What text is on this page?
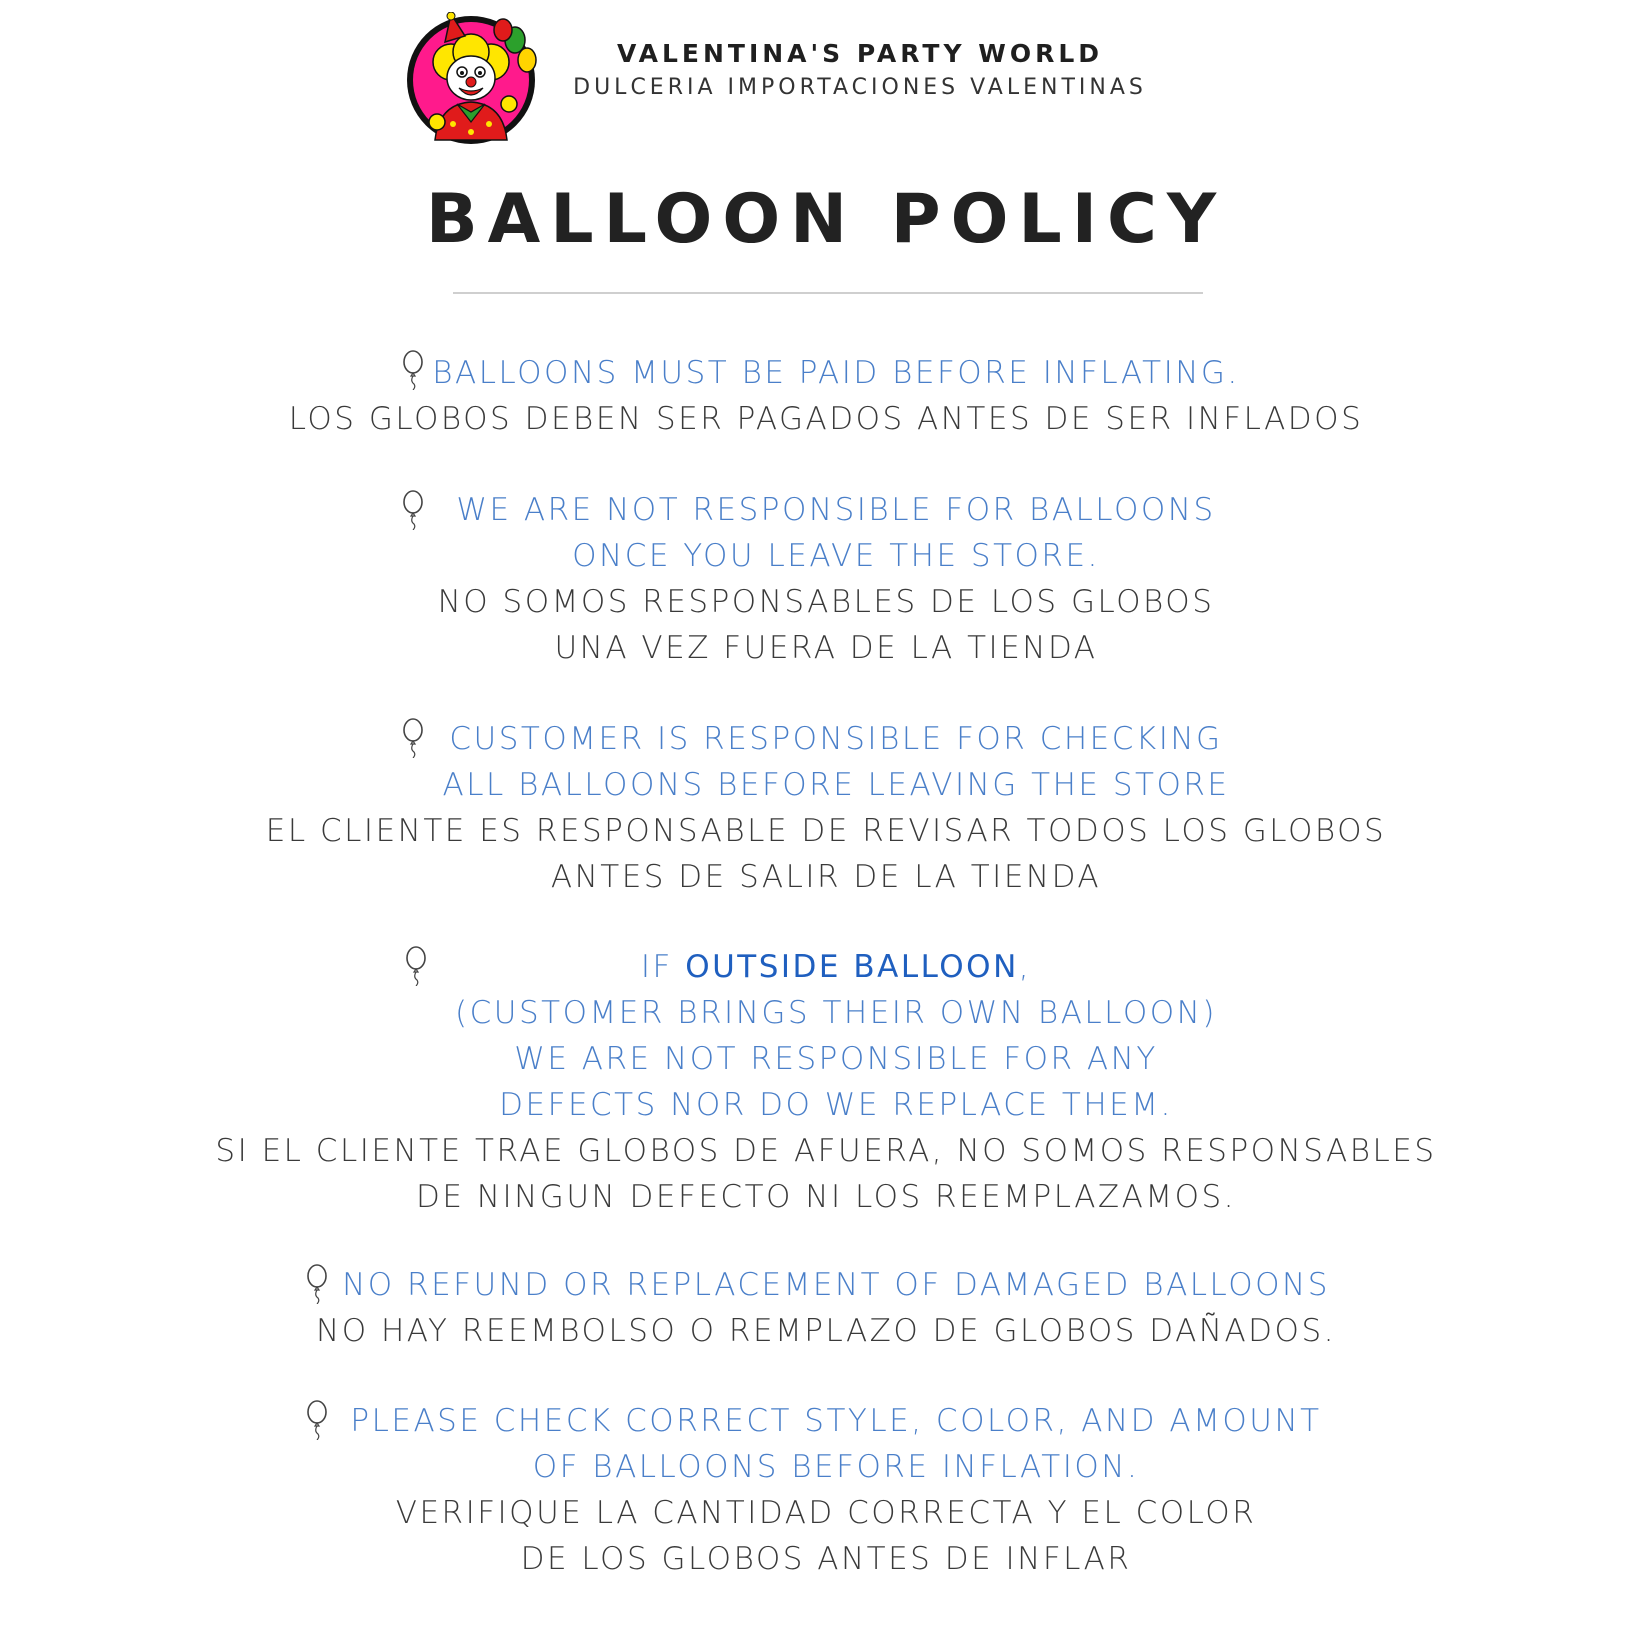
VALENTINA'S PARTY WORLD
DULCERIA IMPORTACIONES VALENTINAS
BALLOON POLICY
BALLOONS MUST BE PAID BEFORE INFLATING.
LOS GLOBOS DEBEN SER PAGADOS ANTES DE SER INFLADOS
WE ARE NOT RESPONSIBLE FOR BALLOONS
ONCE YOU LEAVE THE STORE.
NO SOMOS RESPONSABLES DE LOS GLOBOS
UNA VEZ FUERA DE LA TIENDA
CUSTOMER IS RESPONSIBLE FOR CHECKING
ALL BALLOONS BEFORE LEAVING THE STORE
EL CLIENTE ES RESPONSABLE DE REVISAR TODOS LOS GLOBOS
ANTES DE SALIR DE LA TIENDA
IF OUTSIDE BALLOON,
(CUSTOMER BRINGS THEIR OWN BALLOON)
WE ARE NOT RESPONSIBLE FOR ANY
DEFECTS NOR DO WE REPLACE THEM.
SI EL CLIENTE TRAE GLOBOS DE AFUERA, NO SOMOS RESPONSABLES
DE NINGUN DEFECTO NI LOS REEMPLAZAMOS.
NO REFUND OR REPLACEMENT OF DAMAGED BALLOONS
NO HAY REEMBOLSO O REMPLAZO DE GLOBOS DAÑADOS.
PLEASE CHECK CORRECT STYLE, COLOR, AND AMOUNT
OF BALLOONS BEFORE INFLATION.
VERIFIQUE LA CANTIDAD CORRECTA Y EL COLOR
DE LOS GLOBOS ANTES DE INFLAR
